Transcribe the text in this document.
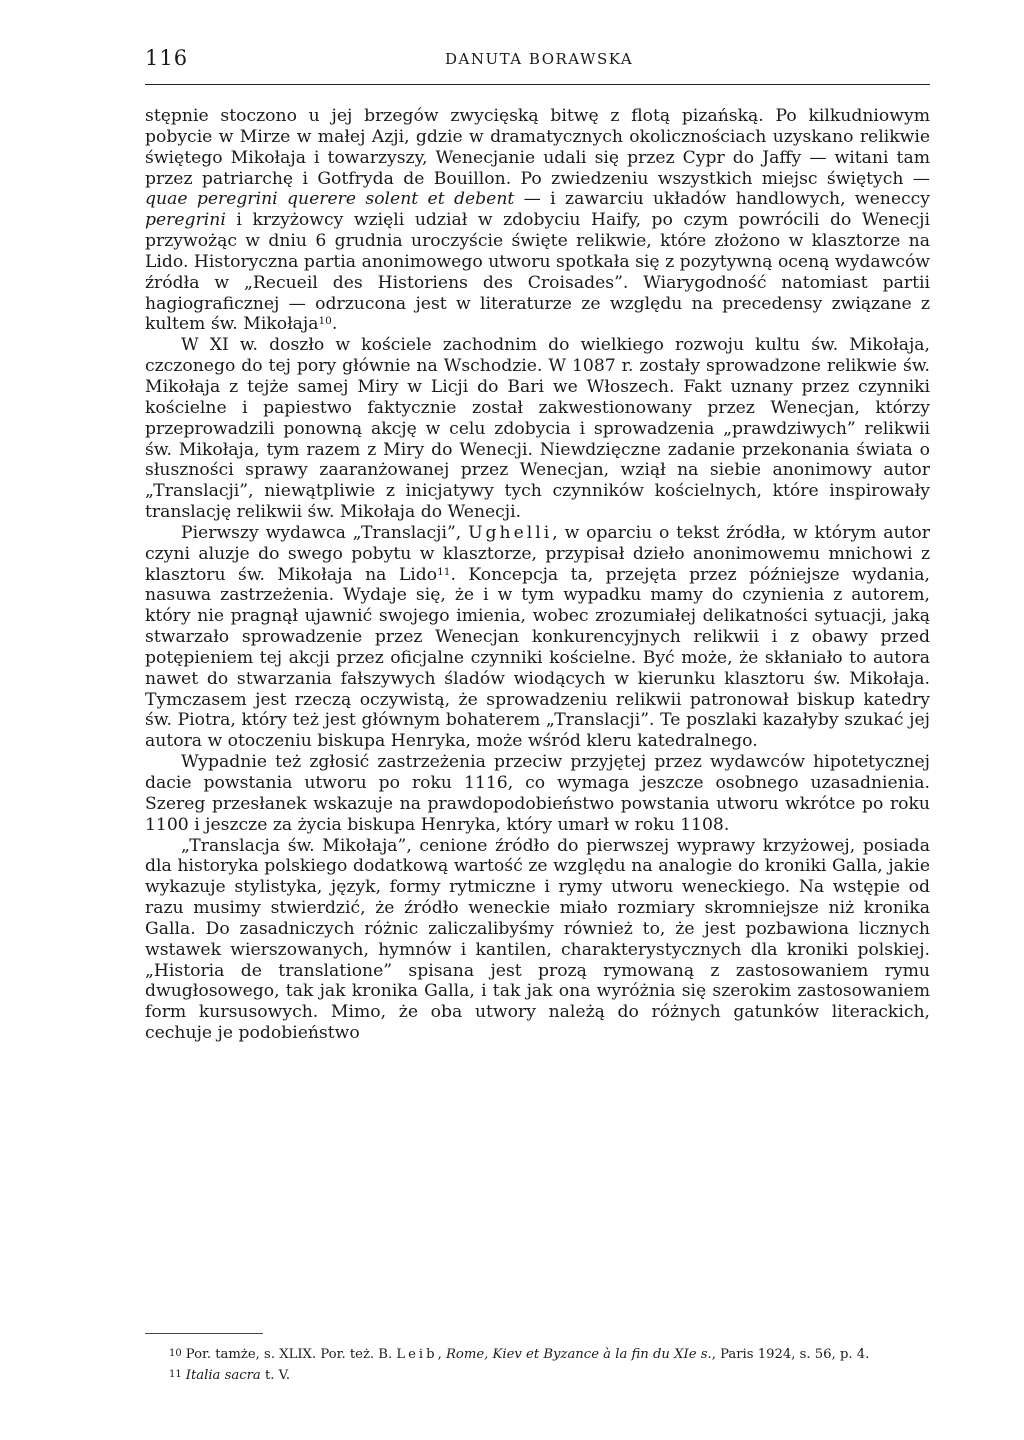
116	DANUTA BORAWSKA

stępnie stoczono u jej brzegów zwycięską bitwę z flotą pizańską. Po kilkudniowym pobycie w Mirze w małej Azji, gdzie w dramatycznych okolicznościach uzyskano relikwie świętego Mikołaja i towarzyszy, Wenecjanie udali się przez Cypr do Jaffy — witani tam przez patriarchę i Gotfryda de Bouillon. Po zwiedzeniu wszystkich miejsc świętych — quae peregrini querere solent et debent — i zawarciu układów handlowych, weneccy peregrini i krzyżowcy wzięli udział w zdobyciu Haify, po czym powrócili do Wenecji przywożąc w dniu 6 grudnia uroczyście święte relikwie, które złożono w klasztorze na Lido. Historyczna partia anonimowego utworu spotkała się z pozytywną oceną wydawców źródła w „Recueil des Historiens des Croisades”. Wiarygodność natomiast partii hagiograficznej — odrzucona jest w literaturze ze względu na precedensy związane z kultem św. Mikołaja$^{10}$.

W XI w. doszło w kościele zachodnim do wielkiego rozwoju kultu św. Mikołaja, czczonego do tej pory głównie na Wschodzie. W 1087 r. zostały sprowadzone relikwie św. Mikołaja z tejże samej Miry w Licji do Bari we Włoszech. Fakt uznany przez czynniki kościelne i papiestwo faktycznie został zakwestionowany przez Wenecjan, którzy przeprowadzili ponowną akcję w celu zdobycia i sprowadzenia „prawdziwych” relikwii św. Mikołaja, tym razem z Miry do Wenecji. Niewdzięczne zadanie przekonania świata o słuszności sprawy zaaranżowanej przez Wenecjan, wziął na siebie anonimowy autor „Translacji”, niewątpliwie z inicjatywy tych czynników kościelnych, które inspirowały translację relikwii św. Mikołaja do Wenecji.

Pierwszy wydawca „Translacji”, Ughelli, w oparciu o tekst źródła, w którym autor czyni aluzje do swego pobytu w klasztorze, przypisał dzieło anonimowemu mnichowi z klasztoru św. Mikołaja na Lido$^{11}$. Koncepcja ta, przejęta przez późniejsze wydania, nasuwa zastrzeżenia. Wydaje się, że i w tym wypadku mamy do czynienia z autorem, który nie pragnął ujawnić swojego imienia, wobec zrozumiałej delikatności sytuacji, jaką stwarzało sprowadzenie przez Wenecjan konkurencyjnych relikwii i z obawy przed potępieniem tej akcji przez oficjalne czynniki kościelne. Być może, że skłaniało to autora nawet do stwarzania fałszywych śladów wiodących w kierunku klasztoru św. Mikołaja. Tymczasem jest rzeczą oczywistą, że sprowadzeniu relikwii patronował biskup katedry św. Piotra, który też jest głównym bohaterem „Translacji”. Te poszlaki kazałyby szukać jej autora w otoczeniu biskupa Henryka, może wśród kleru katedralnego.

Wypadnie też zgłosić zastrzeżenia przeciw przyjętej przez wydawców hipotetycznej dacie powstania utworu po roku 1116, co wymaga jeszcze osobnego uzasadnienia. Szereg przesłanek wskazuje na prawdopodobieństwo powstania utworu wkrótce po roku 1100 i jeszcze za życia biskupa Henryka, który umarł w roku 1108.

„Translacja św. Mikołaja”, cenione źródło do pierwszej wyprawy krzyżowej, posiada dla historyka polskiego dodatkową wartość ze względu na analogie do kroniki Galla, jakie wykazuje stylistyka, język, formy rytmiczne i rymy utworu weneckiego. Na wstępie od razu musimy stwierdzić, że źródło weneckie miało rozmiary skromniejsze niż kronika Galla. Do zasadniczych różnic zaliczalibyśmy również to, że jest pozbawiona licznych wstawek wierszowanych, hymnów i kantilen, charakterystycznych dla kroniki polskiej. „Historia de translatione” spisana jest prozą rymowaną z zastosowaniem rymu dwugłosowego, tak jak kronika Galla, i tak jak ona wyróżnia się szerokim zastosowaniem form kursusowych. Mimo, że oba utwory należą do różnych gatunków literackich, cechuje je podobieństwo

10 Por. tamże, s. XLIX. Por. też. B. Leib, Rome, Kiev et Byzance à la fin du XIe s., Paris 1924, s. 56, p. 4.

11 Italia sacra t. V.
